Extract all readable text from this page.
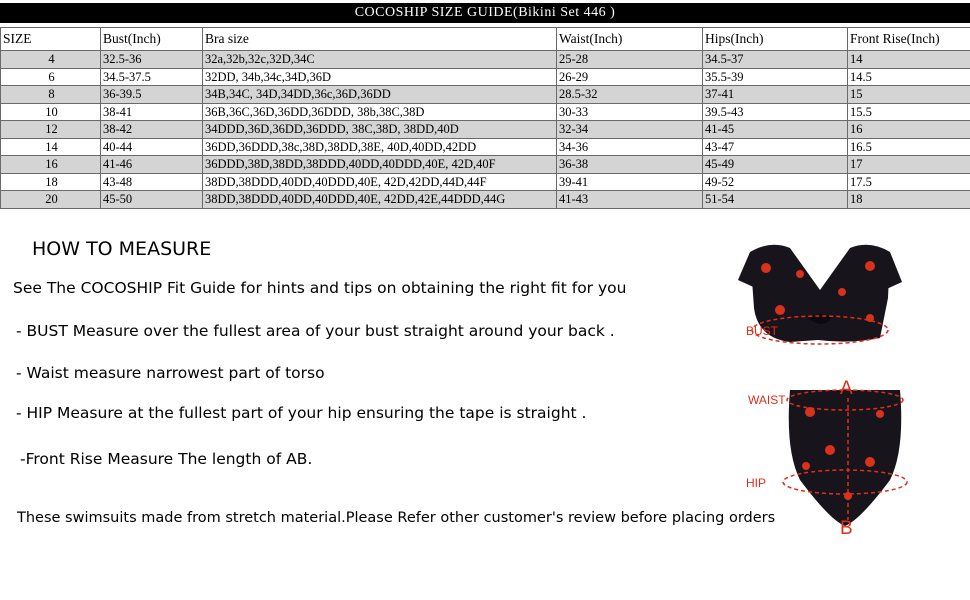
COCOSHIP SIZE GUIDE(Bikini Set 446 )
SIZE	Bust(Inch)	Bra size	Waist(Inch)	Hips(Inch)	Front Rise(Inch)
4	32.5-36	32a,32b,32c,32D,34C	25-28	34.5-37	14
6	34.5-37.5	32DD, 34b,34c,34D,36D	26-29	35.5-39	14.5
8	36-39.5	34B,34C, 34D,34DD,36c,36D,36DD	28.5-32	37-41	15
10	38-41	36B,36C,36D,36DD,36DDD, 38b,38C,38D	30-33	39.5-43	15.5
12	38-42	34DDD,36D,36DD,36DDD, 38C,38D, 38DD,40D	32-34	41-45	16
14	40-44	36DD,36DDD,38c,38D,38DD,38E, 40D,40DD,42DD	34-36	43-47	16.5
16	41-46	36DDD,38D,38DD,38DDD,40DD,40DDD,40E, 42D,40F	36-38	45-49	17
18	43-48	38DD,38DDD,40DD,40DDD,40E, 42D,42DD,44D,44F	39-41	49-52	17.5
20	45-50	38DD,38DDD,40DD,40DDD,40E, 42DD,42E,44DDD,44G	41-43	51-54	18
HOW TO MEASURE
See The COCOSHIP Fit Guide for hints and tips on obtaining the right fit for you
- BUST Measure over the fullest area of your bust straight around your back .
- Waist measure narrowest part of torso
- HIP Measure at the fullest part of your hip ensuring the tape is straight .
-Front Rise Measure The length of AB.
These swimsuits made from stretch material.Please Refer other customer's review before placing orders
BUST
WAIST
HIP
A
B
